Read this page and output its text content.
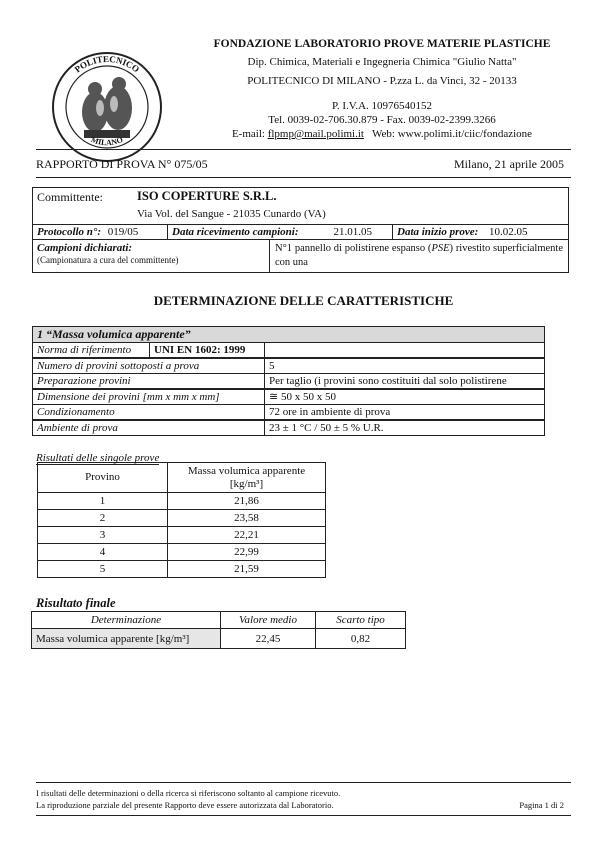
POLITECNICO
MILANO
FONDAZIONE LABORATORIO PROVE MATERIE PLASTICHE
Dip. Chimica, Materiali e Ingegneria Chimica "Giulio Natta"
POLITECNICO DI MILANO - P.zza L. da Vinci, 32 - 20133
P. I.V.A. 10976540152
Tel. 0039-02-706.30.879 - Fax. 0039-02-2399.3266
E-mail: flpmp@mail.polimi.it Web: www.polimi.it/ciic/fondazione
RAPPORTO DI PROVA N° 075/05	Milano, 21 aprile 2005
Committente:	ISO COPERTURE S.R.L.
Via Vol. del Sangue - 21035 Cunardo (VA)
Protocollo n°: 019/05	Data ricevimento campioni:	21.01.05	Data inizio prove: 10.02.05
Campioni dichiarati:
(Campionatura a cura del committente)
N°1 pannello di polistirene espanso (PSE) rivestito superficialmente con una

DETERMINAZIONE DELLE CARATTERISTICHE
1 “Massa volumica apparente”
Norma di riferimento	UNI EN 1602: 1999
Numero di provini sottoposti a prova	5
Preparazione provini	Per taglio (i provini sono costituiti dal solo polistirene
Dimensione dei provini [mm x mm x mm]	≅ 50 x 50 x 50
Condizionamento	72 ore in ambiente di prova
Ambiente di prova	23 ± 1 °C / 50 ± 5 % U.R.
Risultati delle singole prove
Provino	Massa volumica apparente
[kg/m³]
1	21,86
2	23,58
3	22,21
4	22,99
5	21,59
Risultato finale
Determinazione	Valore medio	Scarto tipo
Massa volumica apparente [kg/m³]	22,45	0,82
I risultati delle determinazioni o della ricerca si riferiscono soltanto al campione ricevuto.
La riproduzione parziale del presente Rapporto deve essere autorizzata dal Laboratorio.	Pagina 1 di 2
